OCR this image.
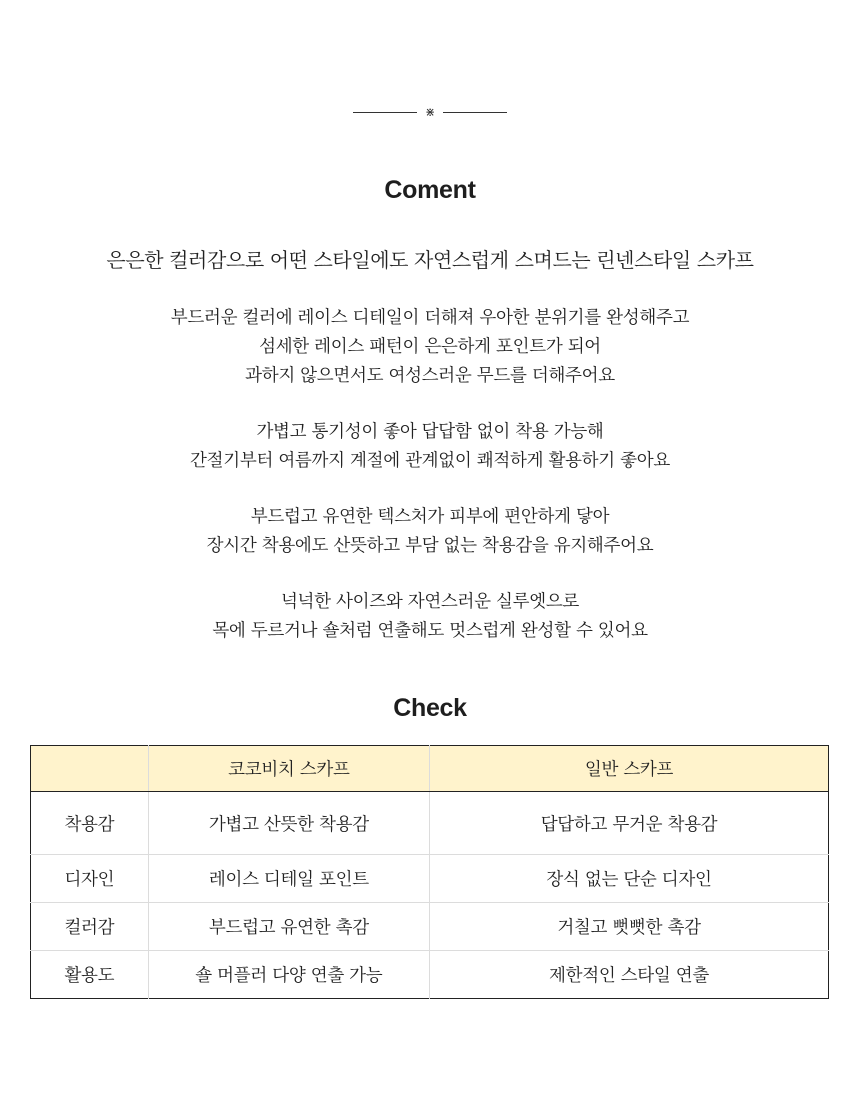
⋇
Coment
은은한 컬러감으로 어떤 스타일에도 자연스럽게 스며드는 린넨스타일 스카프
부드러운 컬러에 레이스 디테일이 더해져 우아한 분위기를 완성해주고
섬세한 레이스 패턴이 은은하게 포인트가 되어
과하지 않으면서도 여성스러운 무드를 더해주어요
가볍고 통기성이 좋아 답답함 없이 착용 가능해
간절기부터 여름까지 계절에 관계없이 쾌적하게 활용하기 좋아요
부드럽고 유연한 텍스처가 피부에 편안하게 닿아
장시간 착용에도 산뜻하고 부담 없는 착용감을 유지해주어요
넉넉한 사이즈와 자연스러운 실루엣으로
목에 두르거나 숄처럼 연출해도 멋스럽게 완성할 수 있어요
Check
	코코비치 스카프	일반 스카프
착용감	가볍고 산뜻한 착용감	답답하고 무거운 착용감
디자인	레이스 디테일 포인트	장식 없는 단순 디자인
컬러감	부드럽고 유연한 촉감	거칠고 뻣뻣한 촉감
활용도	숄 머플러 다양 연출 가능	제한적인 스타일 연출
